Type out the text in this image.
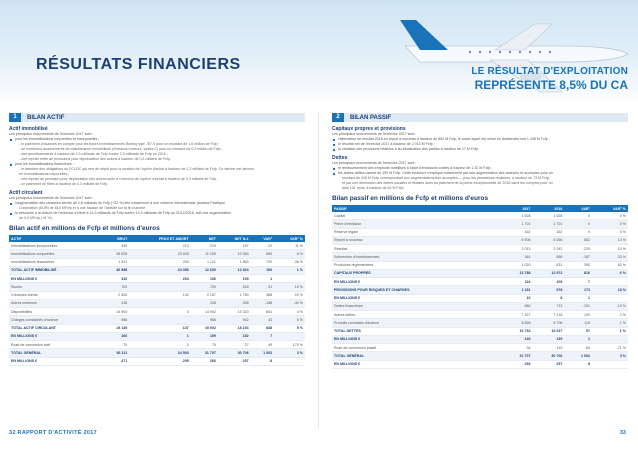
RÉSULTATS FINANCIERS	LE RÉSULTAT D'EXPLOITATION
REPRÉSENTE 8,5% DU CA
1	BILAN ACTIF
Actif immobilisé
Les principaux mouvements de l'exercice 2017 sont :
pour les immobilisations corporelles et incorporelles :
- le paiement d'avances en compte pour les futurs investissements Boeing type 787-9 pour un montant de 1,6 million de Fcfp ;
- de nombreux avancements de maintenance immobilisée (révisions moteurs, visites C) pour un montant de 0,3 million de Fcfp ;
- des amortissements à hauteur de 2,3 milliards de Fcfp contre 2,5 milliards de Fcfp en 2016 ;
- une reprise nette de provisions pour dépréciation des avions à hauteur de 0,4 milliard de Fcfp.
pour les immobilisations financières :
- le transfert des obligations du FCLOC qui sert de dépôt pour la location de l'option d'achat à hauteur de 1,3 milliard de Fcfp. Ce dernier est devenu
en immobilisations corporelles ;
- une reprise de provision pour dépréciation des avions suite à l'exercice de l'option d'achat à hauteur de 0,3 milliard de Fcfp ;
- un paiement de titres à hauteur de 0,3 milliard de Fcfp.
Actif circulant
Les principaux mouvements de l'exercice 2017 sont :
l'augmentation des créances clients de 2,8 milliards de Fcfp (+22 %) liée notamment à une créance internationale (avance Pacifique
Corporation (EUR) de 810 MFcfp et à une hausse de l'activité sur la fin d'année ;
la trésorerie à la clôture de l'exercice s'élève à 14,3 milliards de Fcfp contre 14,3 milliards de Fcfp au 31/12/2016, soit une augmentation
de 0,9 MFcfp (+6 %).
Bilan actif en millions de Fcfp et millions d'euros
ACTIF	BRUT	PROV ET AMORT	NET	NET N-1	VAR°	VAR° %
Immobilisations incorporelles	439	213	219	197	22	11 %
Immobilisations corporelles	35 028	23 943	11 159	10 363	690	8 %
Immobilisations financières	1 521	200	1 121	1 863	792	-36 %
TOTAL ACTIF IMMOBILISÉ	36 988	24 356	12 630	12 524	106	1 %
EN MILLIONS €	310	204	106	105	1	
Stocks	709		709	618	91	15 %
Créances clients	2 300	142	2 157	1 769	388	22 %
Autres créances	248		248	406	-158	-40 %
Disponibilités	14 903	4	14 902	14 320	601	4 %
Charges constatées d'avance	986		986	942	43	5 %
TOTAL ACTIF CIRCULANT	19 149	147	19 002	18 154	848	5 %
EN MILLIONS €	160	1	159	152	7	
Écart de conversion actif	75	0	75	27	49	170 %
TOTAL GÉNÉRAL	56 211	24 503	31 707	30 706	1 002	3 %
EN MILLIONS €	471	205	266	257	8	
2	BILAN PASSIF
Capitaux propres et provisions
Les principaux mouvements de l'exercice 2017 sont :
l'affectation du résultat 2016 en report à nouveau à hauteur de 852 M Fcfp, le solde ayant été versé en dividendes soit 1 338 M Fcfp ;
le résultat net de l'exercice 2017 à hauteur de 2 013 M Fcfp ;
la variation des provisions relatives à la réévaluation des parties à hauteur de 17 M Fcfp.
Dettes
Les principaux mouvements de l'exercice 2017 sont :
le remboursement des emprunts mobilisés à l'aide d'émissions cotées à hauteur de 1,32 M Fcfp ;
les autres dettes varient de 159 M Fcfp. Cette évolution s'explique notamment par une augmentation des avances et acomptes pour un
montant de 249 M Fcfp correspondant aux augmentations des acomptes — pour les prestations réalisées, à hauteur de 73 M Fcfp,
et par une diminution des dettes sociales et fiscales dues au paiement de la prime exceptionnelle de 2016 dans les comptes pour un
total 131 mois, à hauteur de 62 M Fcfp.
Bilan passif en millions de Fcfp et millions d'euros
PASSIF	2017	2016	VAR°	VAR° %
Capital	1 628	1 628	0	0 %
Prime d'émission	1 701	1 701	0	0 %
Réserve légale	162	162	0	0 %
Report à nouveau	6 908	6 056	852	14 %
Résultat	2 013	2 242	-229	-10 %
Subvention d'investissement	381	568	-187	-33 %
Provisions réglementées	1 020	631	390	62 %
CAPITAUX PROPRES	13 788	12 972	816	6 %
EN MILLIONS €	116	109	7	
PROVISIONS POUR RISQUES ET CHARGES	1 151	978	173	18 %
EN MILLIONS €	10	8	1	
Dettes financières	580	713	-131	-19 %
Autres dettes	7 327	7 218	109	2 %
Produits constatés d'avance	8 826	8 706	119	1 %
TOTAL DETTES	16 734	16 637	97	1 %
EN MILLIONS €	140	139	1	
Écart de conversion passif	34	119	-84	-71 %
TOTAL GÉNÉRAL	31 707	30 706	1 002	3 %
EN MILLIONS €	266	257	8	
32 RAPPORT D'ACTIVITÉ 2017	33
